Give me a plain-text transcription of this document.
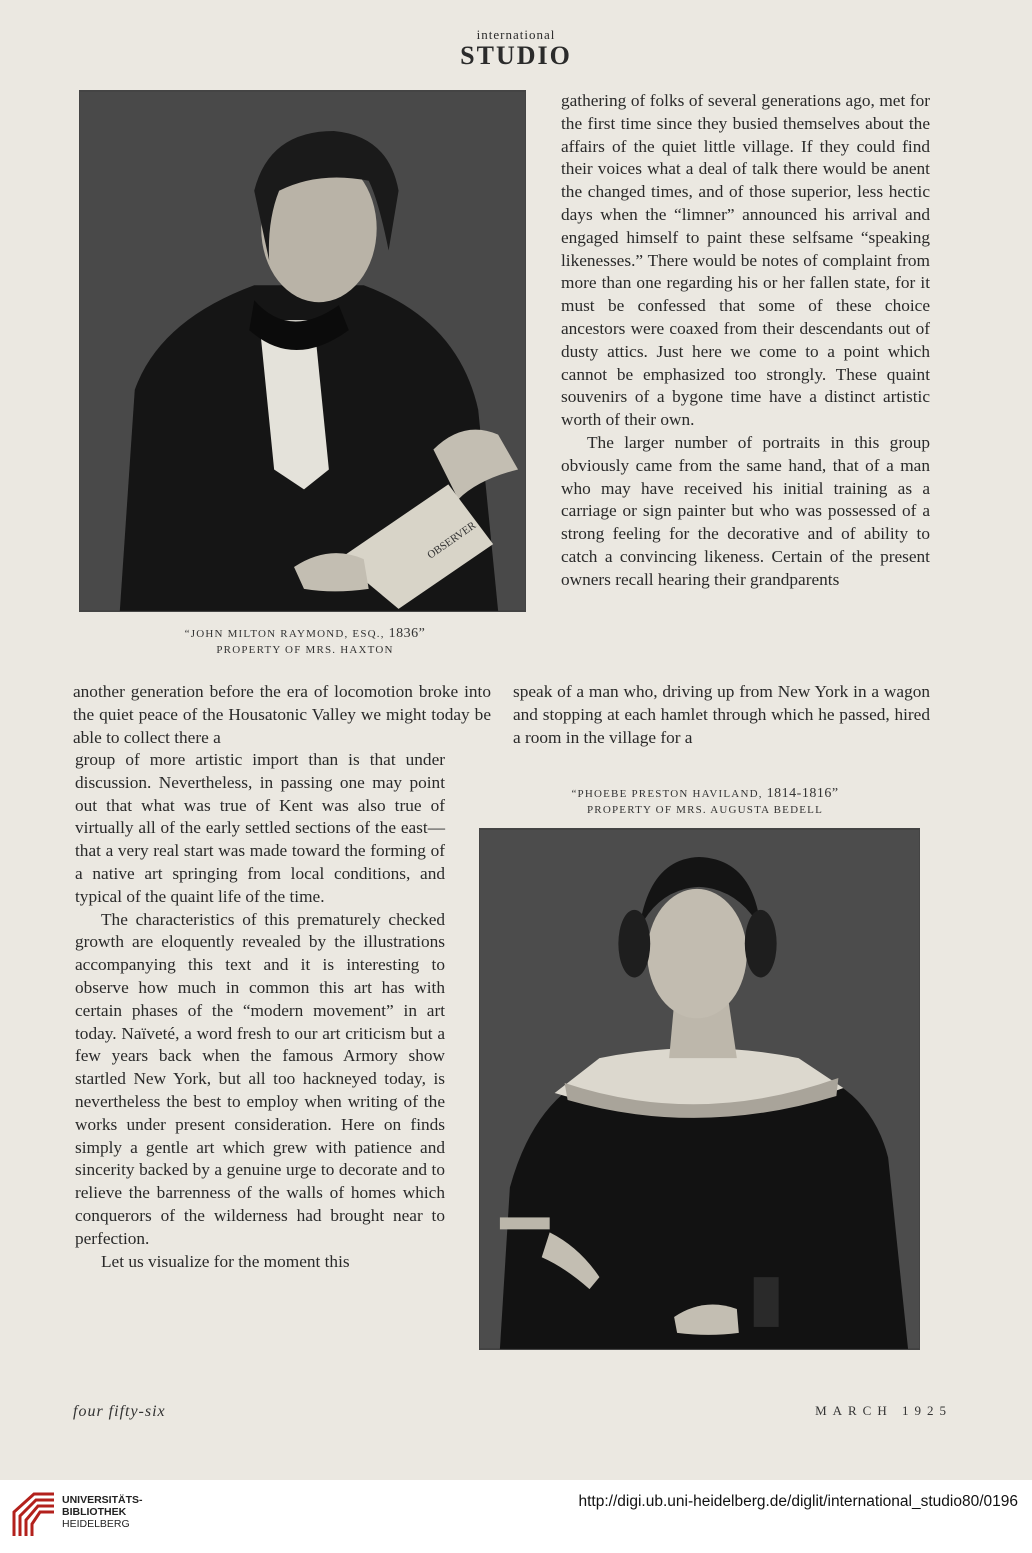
international
STUDIO
OBSERVER
“JOHN MILTON RAYMOND, ESQ., 1836”
PROPERTY OF MRS. HAXTON

gathering of folks of several generations ago, met for the first time since they busied themselves about the affairs of the quiet little village. If they could find their voices what a deal of talk there would be anent the changed times, and of those superior, less hectic days when the “limner” announced his arrival and engaged himself to paint these selfsame “speaking likenesses.” There would be notes of complaint from more than one regarding his or her fallen state, for it must be confessed that some of these choice ancestors were coaxed from their descendants out of dusty attics. Just here we come to a point which cannot be emphasized too strongly. These quaint souvenirs of a bygone time have a distinct artistic worth of their own.

The larger number of portraits in this group obviously came from the same hand, that of a man who may have received his initial training as a carriage or sign painter but who was possessed of a strong feeling for the decorative and of ability to catch a convincing likeness. Certain of the present owners recall hearing their grandparents

another generation before the era of locomotion broke into the quiet peace of the Housatonic Valley we might today be able to collect there a

speak of a man who, driving up from New York in a wagon and stopping at each hamlet through which he passed, hired a room in the village for a

group of more artistic import than is that under discussion. Nevertheless, in passing one may point out that what was true of Kent was also true of virtually all of the early settled sections of the east—that a very real start was made toward the forming of a native art springing from local conditions, and typical of the quaint life of the time.

The characteristics of this prematurely checked growth are eloquently revealed by the illustrations accompanying this text and it is interesting to observe how much in common this art has with certain phases of the “modern movement” in art today. Naïveté, a word fresh to our art criticism but a few years back when the famous Armory show startled New York, but all too hackneyed today, is nevertheless the best to employ when writing of the works under present consideration. Here on finds simply a gentle art which grew with patience and sincerity backed by a genuine urge to decorate and to relieve the barrenness of the walls of homes which conquerors of the wilderness had brought near to perfection.

Let us visualize for the moment this

“PHOEBE PRESTON HAVILAND, 1814-1816”
PROPERTY OF MRS. AUGUSTA BEDELL
four fifty-six	MARCH 1925
UNIVERSITÄTS-
BIBLIOTHEK
HEIDELBERG
http://digi.ub.uni-heidelberg.de/diglit/international_studio80/0196
